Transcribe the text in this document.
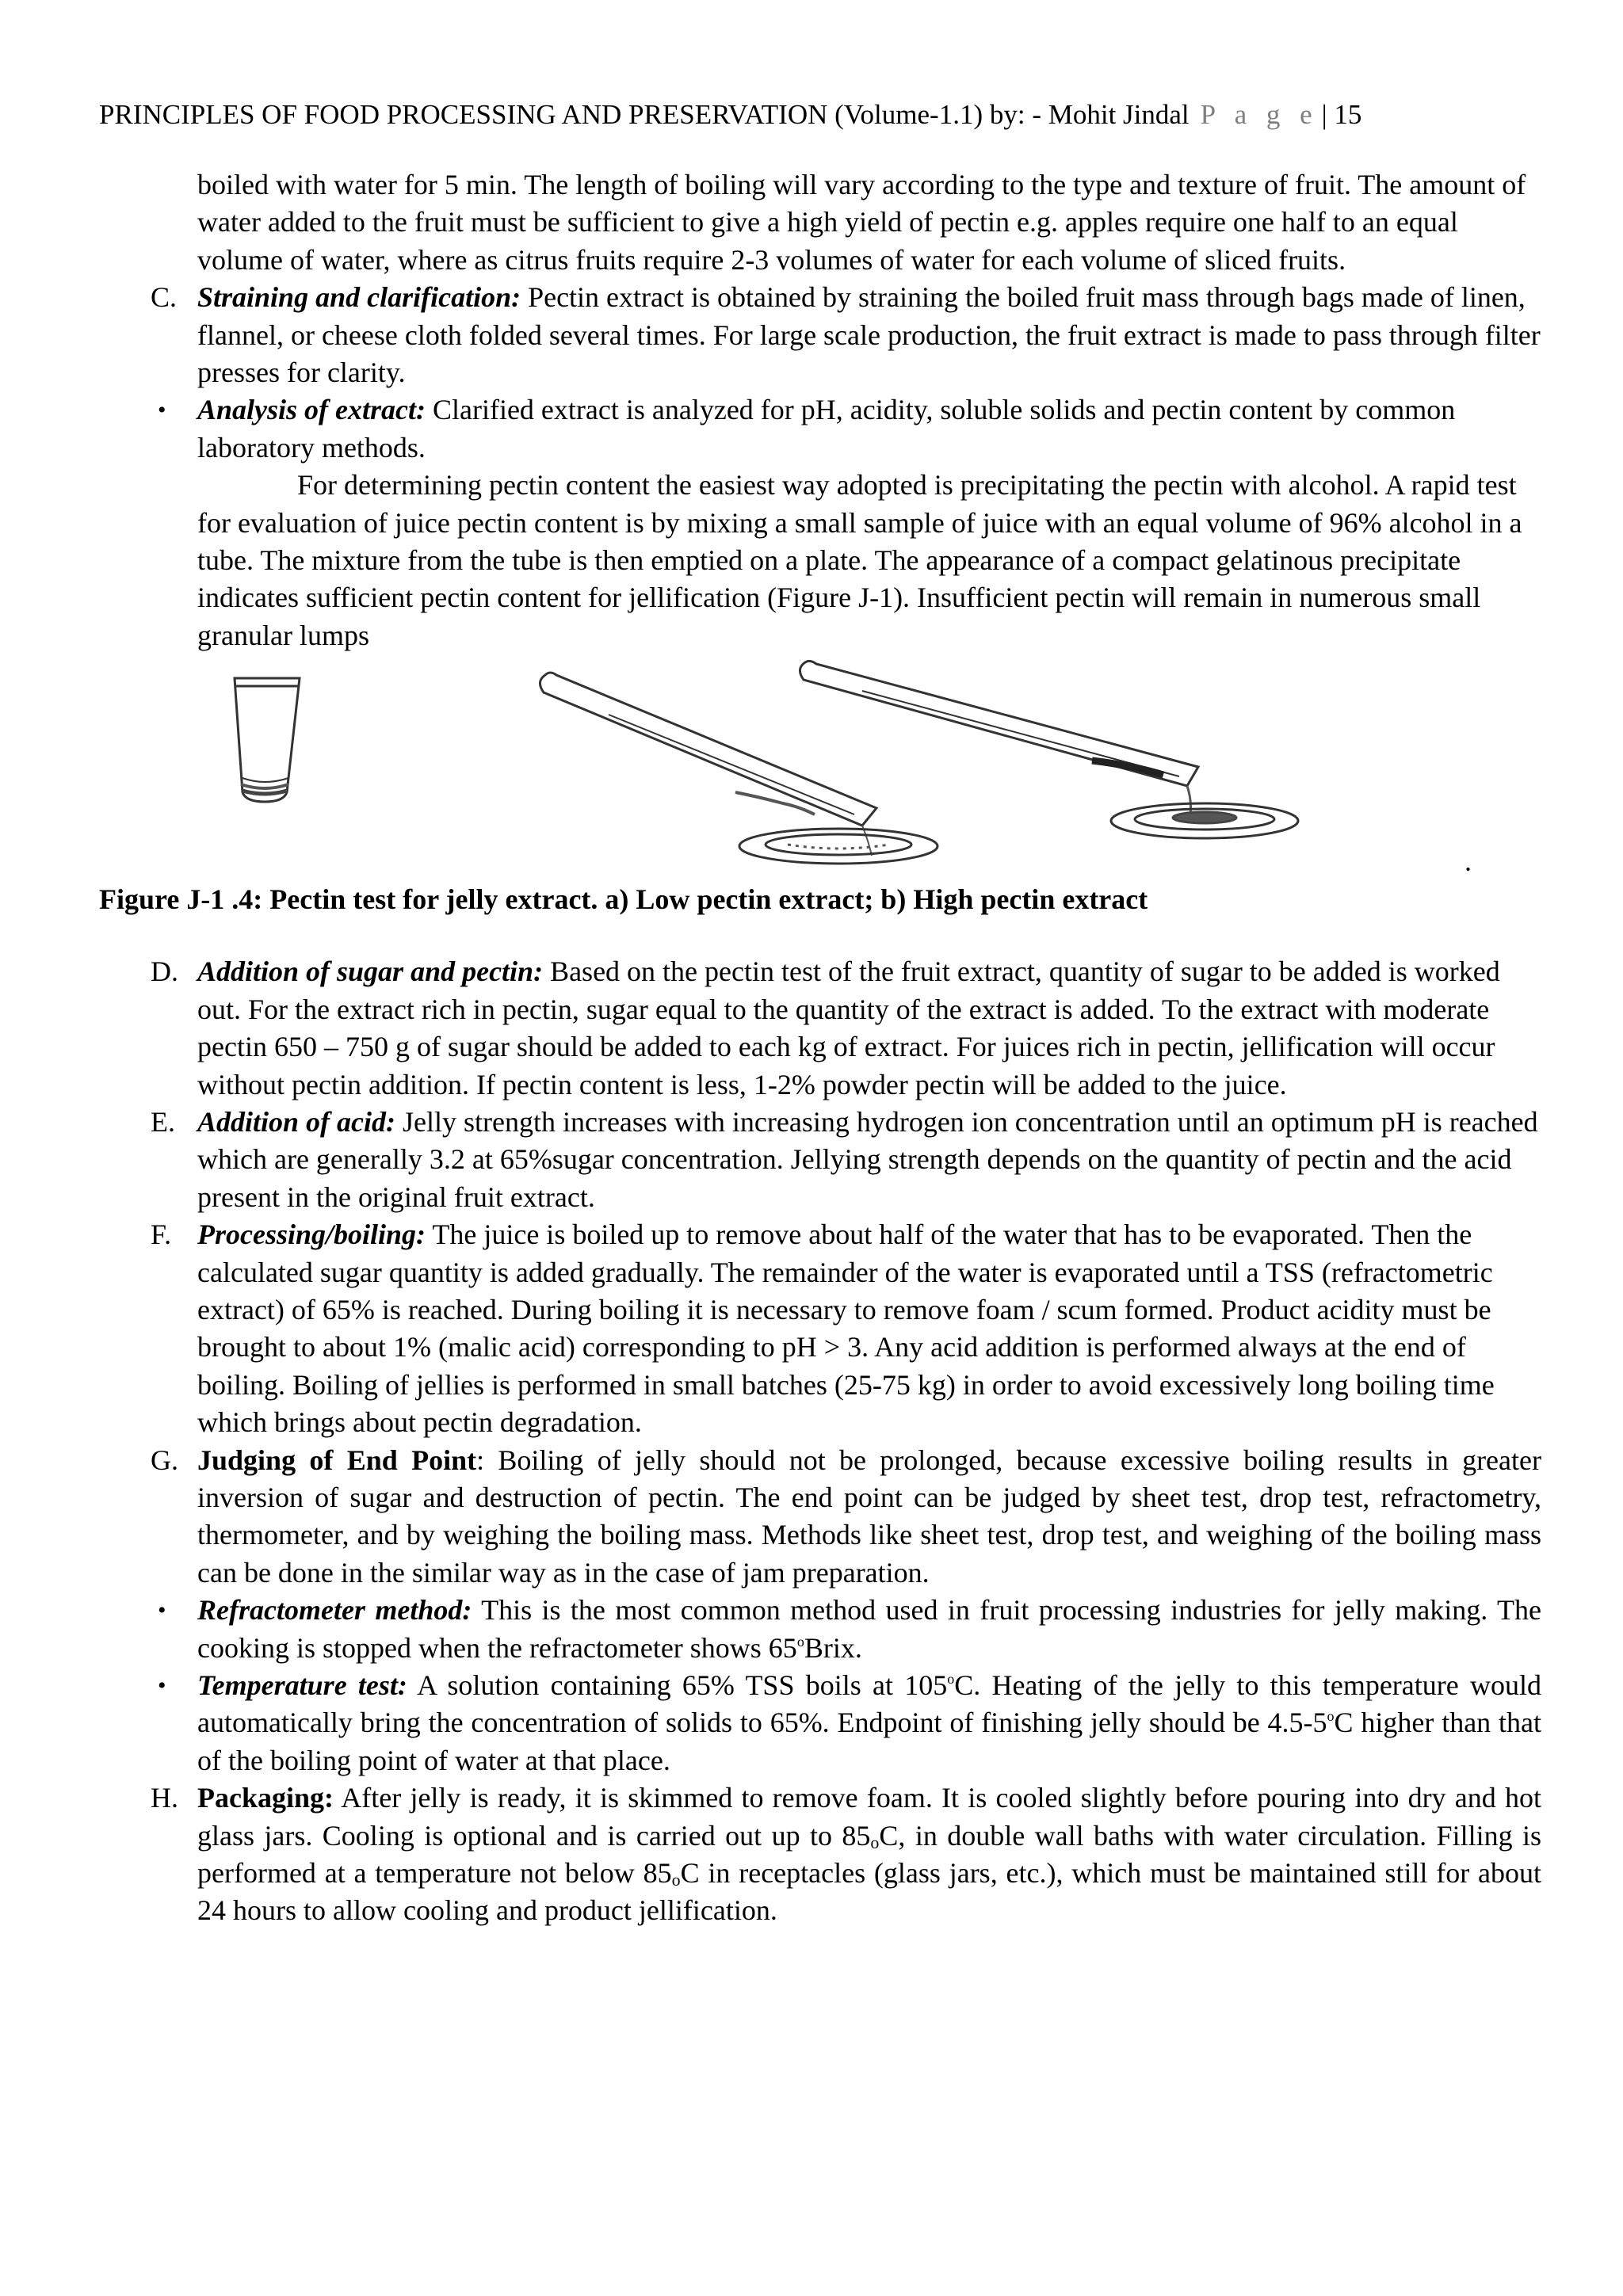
PRINCIPLES OF FOOD PROCESSING AND PRESERVATION (Volume-1.1) by: - Mohit Jindal P a g e | 15

boiled with water for 5 min. The length of boiling will vary according to the type and texture of fruit. The amount of water added to the fruit must be sufficient to give a high yield of pectin e.g. apples require one half to an equal volume of water, where as citrus fruits require 2-3 volumes of water for each volume of sliced fruits.

C. Straining and clarification: Pectin extract is obtained by straining the boiled fruit mass through bags made of linen, flannel, or cheese cloth folded several times. For large scale production, the fruit extract is made to pass through filter presses for clarity.

• Analysis of extract: Clarified extract is analyzed for pH, acidity, soluble solids and pectin content by common laboratory methods.

For determining pectin content the easiest way adopted is precipitating the pectin with alcohol. A rapid test for evaluation of juice pectin content is by mixing a small sample of juice with an equal volume of 96% alcohol in a tube. The mixture from the tube is then emptied on a plate. The appearance of a compact gelatinous precipitate indicates sufficient pectin content for jellification (Figure J-1). Insufficient pectin will remain in numerous small granular lumps

.
Figure J-1 .4: Pectin test for jelly extract. a) Low pectin extract; b) High pectin extract
D. Addition of sugar and pectin: Based on the pectin test of the fruit extract, quantity of sugar to be added is worked out. For the extract rich in pectin, sugar equal to the quantity of the extract is added. To the extract with moderate pectin 650 – 750 g of sugar should be added to each kg of extract. For juices rich in pectin, jellification will occur without pectin addition. If pectin content is less, 1-2% powder pectin will be added to the juice.

E. Addition of acid: Jelly strength increases with increasing hydrogen ion concentration until an optimum pH is reached which are generally 3.2 at 65%sugar concentration. Jellying strength depends on the quantity of pectin and the acid present in the original fruit extract.

F. Processing/boiling: The juice is boiled up to remove about half of the water that has to be evaporated. Then the calculated sugar quantity is added gradually. The remainder of the water is evaporated until a TSS (refractometric extract) of 65% is reached. During boiling it is necessary to remove foam / scum formed. Product acidity must be brought to about 1% (malic acid) corresponding to pH > 3. Any acid addition is performed always at the end of boiling. Boiling of jellies is performed in small batches (25-75 kg) in order to avoid excessively long boiling time which brings about pectin degradation.

G. Judging of End Point: Boiling of jelly should not be prolonged, because excessive boiling results in greater inversion of sugar and destruction of pectin. The end point can be judged by sheet test, drop test, refractometry, thermometer, and by weighing the boiling mass. Methods like sheet test, drop test, and weighing of the boiling mass can be done in the similar way as in the case of jam preparation.

• Refractometer method: This is the most common method used in fruit processing industries for jelly making. The cooking is stopped when the refractometer shows 65$^o$Brix.

• Temperature test: A solution containing 65% TSS boils at 105$^o$C. Heating of the jelly to this temperature would automatically bring the concentration of solids to 65%. Endpoint of finishing jelly should be 4.5-5$^o$C higher than that of the boiling point of water at that place.

H. Packaging: After jelly is ready, it is skimmed to remove foam. It is cooled slightly before pouring into dry and hot glass jars. Cooling is optional and is carried out up to $85_oC$, in double wall baths with water circulation. Filling is performed at a temperature not below $85_oC$ in receptacles (glass jars, etc.), which must be maintained still for about 24 hours to allow cooling and product jellification.
